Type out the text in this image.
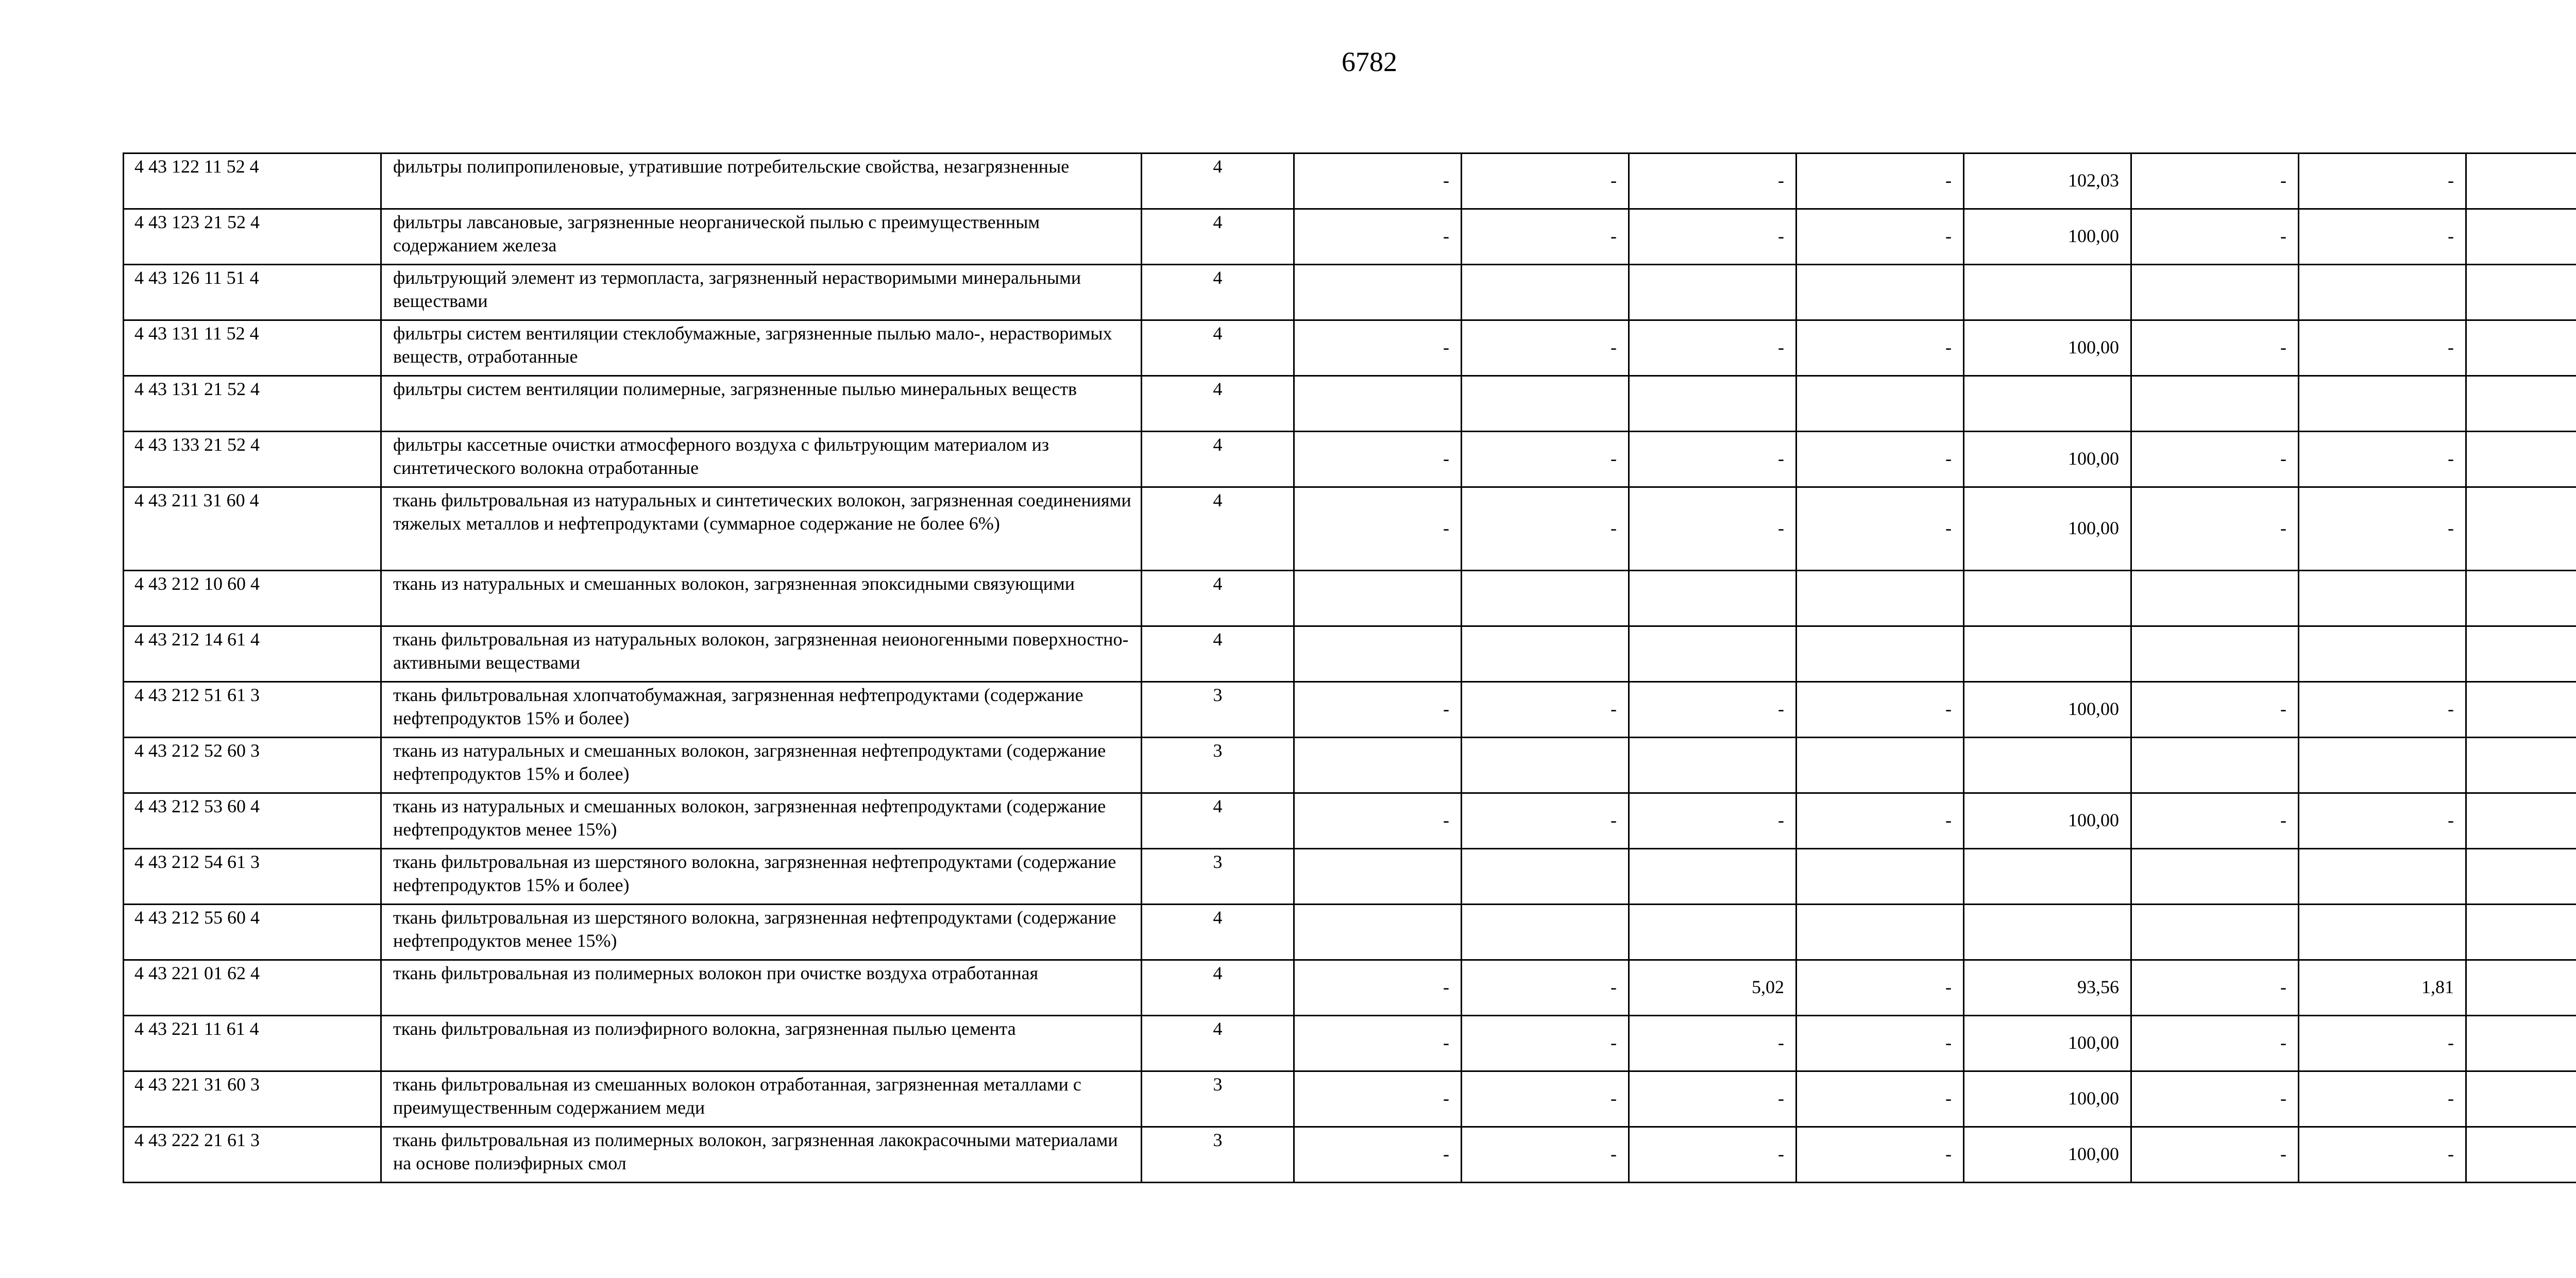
6782
4 43 122 11 52 4	фильтры полипропиленовые, утратившие потребительские свойства, незагрязненные	4	-	-	-	-	102,03	-	-	
4 43 123 21 52 4	фильтры лавсановые, загрязненные неорганической пылью с преимущественным содержанием железа	4	-	-	-	-	100,00	-	-	
4 43 126 11 51 4	фильтрующий элемент из термопласта, загрязненный нерастворимыми минеральными веществами	4								
4 43 131 11 52 4	фильтры систем вентиляции стеклобумажные, загрязненные пылью мало-, нерастворимых веществ, отработанные	4	-	-	-	-	100,00	-	-	
4 43 131 21 52 4	фильтры систем вентиляции полимерные, загрязненные пылью минеральных веществ	4								
4 43 133 21 52 4	фильтры кассетные очистки атмосферного воздуха с фильтрующим материалом из синтетического волокна отработанные	4	-	-	-	-	100,00	-	-	
4 43 211 31 60 4	ткань фильтровальная из натуральных и синтетических волокон, загрязненная соединениями тяжелых металлов и нефтепродуктами (суммарное содержание не более 6%)	4	-	-	-	-	100,00	-	-	
4 43 212 10 60 4	ткань из натуральных и смешанных волокон, загрязненная эпоксидными связующими	4								
4 43 212 14 61 4	ткань фильтровальная из натуральных волокон, загрязненная неионогенными поверхностно-активными веществами	4								
4 43 212 51 61 3	ткань фильтровальная хлопчатобумажная, загрязненная нефтепродуктами (содержание нефтепродуктов 15% и более)	3	-	-	-	-	100,00	-	-	
4 43 212 52 60 3	ткань из натуральных и смешанных волокон, загрязненная нефтепродуктами (содержание нефтепродуктов 15% и более)	3								
4 43 212 53 60 4	ткань из натуральных и смешанных волокон, загрязненная нефтепродуктами (содержание нефтепродуктов менее 15%)	4	-	-	-	-	100,00	-	-	
4 43 212 54 61 3	ткань фильтровальная из шерстяного волокна, загрязненная нефтепродуктами (содержание нефтепродуктов 15% и более)	3								
4 43 212 55 60 4	ткань фильтровальная из шерстяного волокна, загрязненная нефтепродуктами (содержание нефтепродуктов менее 15%)	4								
4 43 221 01 62 4	ткань фильтровальная из полимерных волокон при очистке воздуха отработанная	4	-	-	5,02	-	93,56	-	1,81	
4 43 221 11 61 4	ткань фильтровальная из полиэфирного волокна, загрязненная пылью цемента	4	-	-	-	-	100,00	-	-	
4 43 221 31 60 3	ткань фильтровальная из смешанных волокон отработанная, загрязненная металлами с преимущественным содержанием меди	3	-	-	-	-	100,00	-	-	
4 43 222 21 61 3	ткань фильтровальная из полимерных волокон, загрязненная лакокрасочными материалами на основе полиэфирных смол	3	-	-	-	-	100,00	-	-	
